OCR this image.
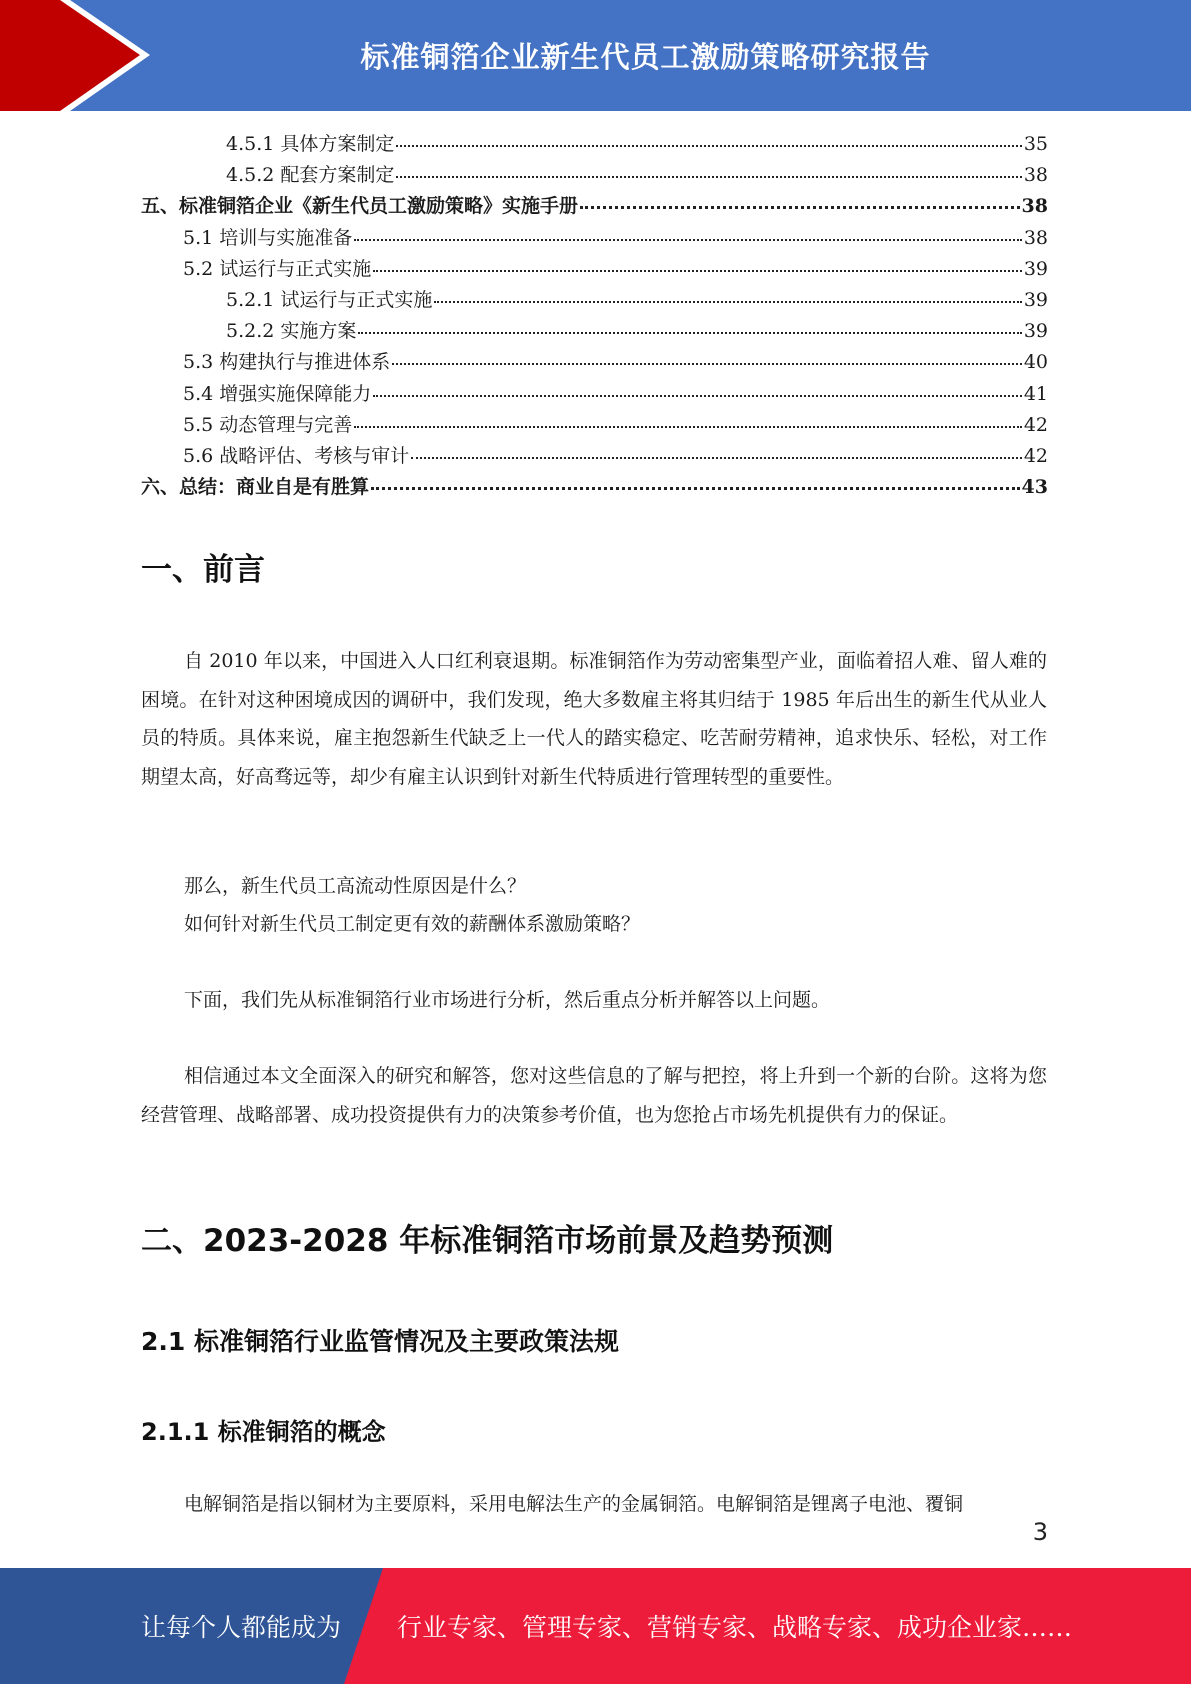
标准铜箔企业新生代员工激励策略研究报告
4.5.1 具体方案制定	35
4.5.2 配套方案制定	38
五、标准铜箔企业《新生代员工激励策略》实施手册	38
5.1 培训与实施准备	38
5.2 试运行与正式实施	39
5.2.1 试运行与正式实施	39
5.2.2 实施方案	39
5.3 构建执行与推进体系	40
5.4 增强实施保障能力	41
5.5 动态管理与完善	42
5.6 战略评估、考核与审计	42
六、总结：商业自是有胜算	43
一、前言

自 2010 年以来，中国进入人口红利衰退期。标准铜箔作为劳动密集型产业，面临着招人难、留人难的困境。在针对这种困境成因的调研中，我们发现，绝大多数雇主将其归结于 1985 年后出生的新生代从业人员的特质。具体来说，雇主抱怨新生代缺乏上一代人的踏实稳定、吃苦耐劳精神，追求快乐、轻松，对工作期望太高，好高骛远等，却少有雇主认识到针对新生代特质进行管理转型的重要性。

那么，新生代员工高流动性原因是什么？

如何针对新生代员工制定更有效的薪酬体系激励策略？

下面，我们先从标准铜箔行业市场进行分析，然后重点分析并解答以上问题。

相信通过本文全面深入的研究和解答，您对这些信息的了解与把控，将上升到一个新的台阶。这将为您经营管理、战略部署、成功投资提供有力的决策参考价值，也为您抢占市场先机提供有力的保证。

二、2023-2028 年标准铜箔市场前景及趋势预测
2.1 标准铜箔行业监管情况及主要政策法规
2.1.1 标准铜箔的概念

电解铜箔是指以铜材为主要原料，采用电解法生产的金属铜箔。电解铜箔是锂离子电池、覆铜

3
让每个人都能成为 行业专家、管理专家、营销专家、战略专家、成功企业家……
